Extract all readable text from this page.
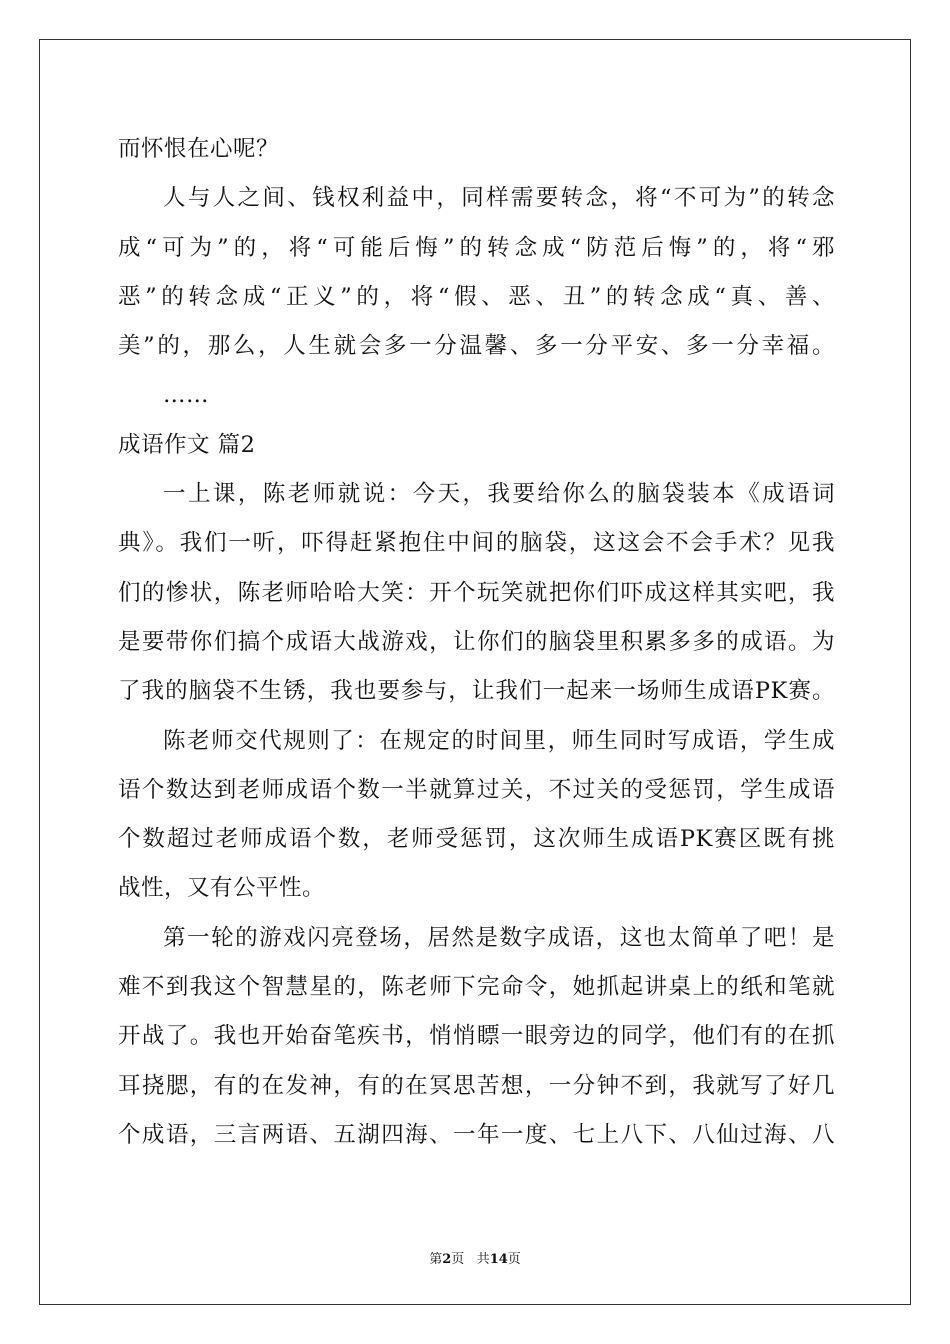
而怀恨在心呢？
人与人之间、钱权利益中，同样需要转念，将“不可为”的转念
成“可为”的，将“可能后悔”的转念成“防范后悔”的，将“邪
恶”的转念成“正义”的，将“假、恶、丑”的转念成“真、善、
美”的，那么，人生就会多一分温馨、多一分平安、多一分幸福。
……
成语作文 篇2
一上课，陈老师就说：今天，我要给你么的脑袋装本《成语词
典》。我们一听，吓得赶紧抱住中间的脑袋，这这会不会手术？见我
们的惨状，陈老师哈哈大笑：开个玩笑就把你们吓成这样其实吧，我
是要带你们搞个成语大战游戏，让你们的脑袋里积累多多的成语。为
了我的脑袋不生锈，我也要参与，让我们一起来一场师生成语PK赛。
陈老师交代规则了：在规定的时间里，师生同时写成语，学生成
语个数达到老师成语个数一半就算过关，不过关的受惩罚，学生成语
个数超过老师成语个数，老师受惩罚，这次师生成语PK赛区既有挑
战性，又有公平性。
第一轮的游戏闪亮登场，居然是数字成语，这也太简单了吧！是
难不到我这个智慧星的，陈老师下完命令，她抓起讲桌上的纸和笔就
开战了。我也开始奋笔疾书，悄悄瞟一眼旁边的同学，他们有的在抓
耳挠腮，有的在发神，有的在冥思苦想，一分钟不到，我就写了好几
个成语，三言两语、五湖四海、一年一度、七上八下、八仙过海、八
第2页 共14页
